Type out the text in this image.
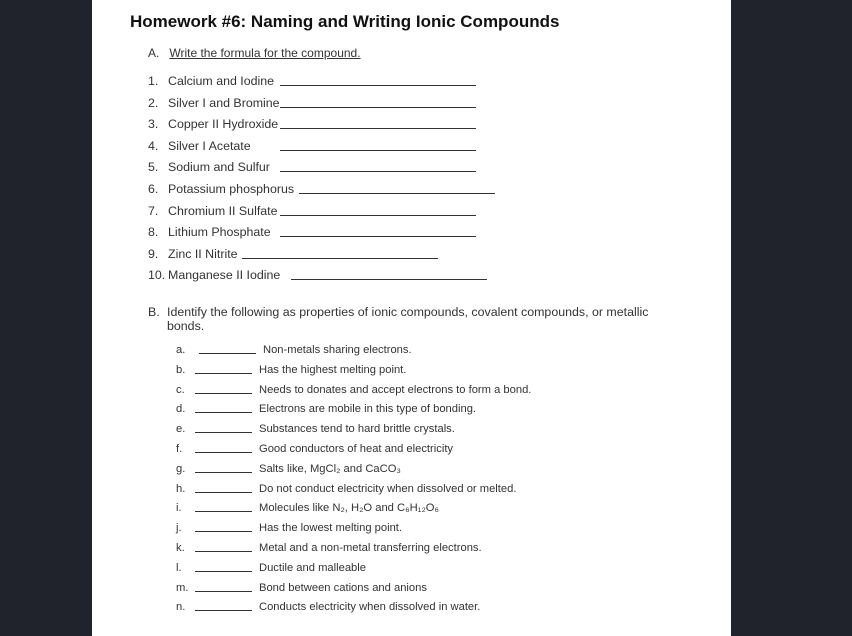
Homework #6: Naming and Writing Ionic Compounds
A. Write the formula for the compound.
1. Calcium and Iodine
2. Silver I and Bromine
3. Copper II Hydroxide
4. Silver I Acetate
5. Sodium and Sulfur
6. Potassium phosphorus
7. Chromium II Sulfate
8. Lithium Phosphate
9. Zinc II Nitrite
10. Manganese II Iodine
B. Identify the following as properties of ionic compounds, covalent compounds, or metallic bonds.
a.	Non-metals sharing electrons.
b.	Has the highest melting point.
c.	Needs to donates and accept electrons to form a bond.
d.	Electrons are mobile in this type of bonding.
e.	Substances tend to hard brittle crystals.
f.	Good conductors of heat and electricity
g.	Salts like, MgCl₂ and CaCO₃
h.	Do not conduct electricity when dissolved or melted.
i.	Molecules like N₂, H₂O and C₆H₁₂O₆
j.	Has the lowest melting point.
k.	Metal and a non-metal transferring electrons.
l.	Ductile and malleable
m.	Bond between cations and anions
n.	Conducts electricity when dissolved in water.
